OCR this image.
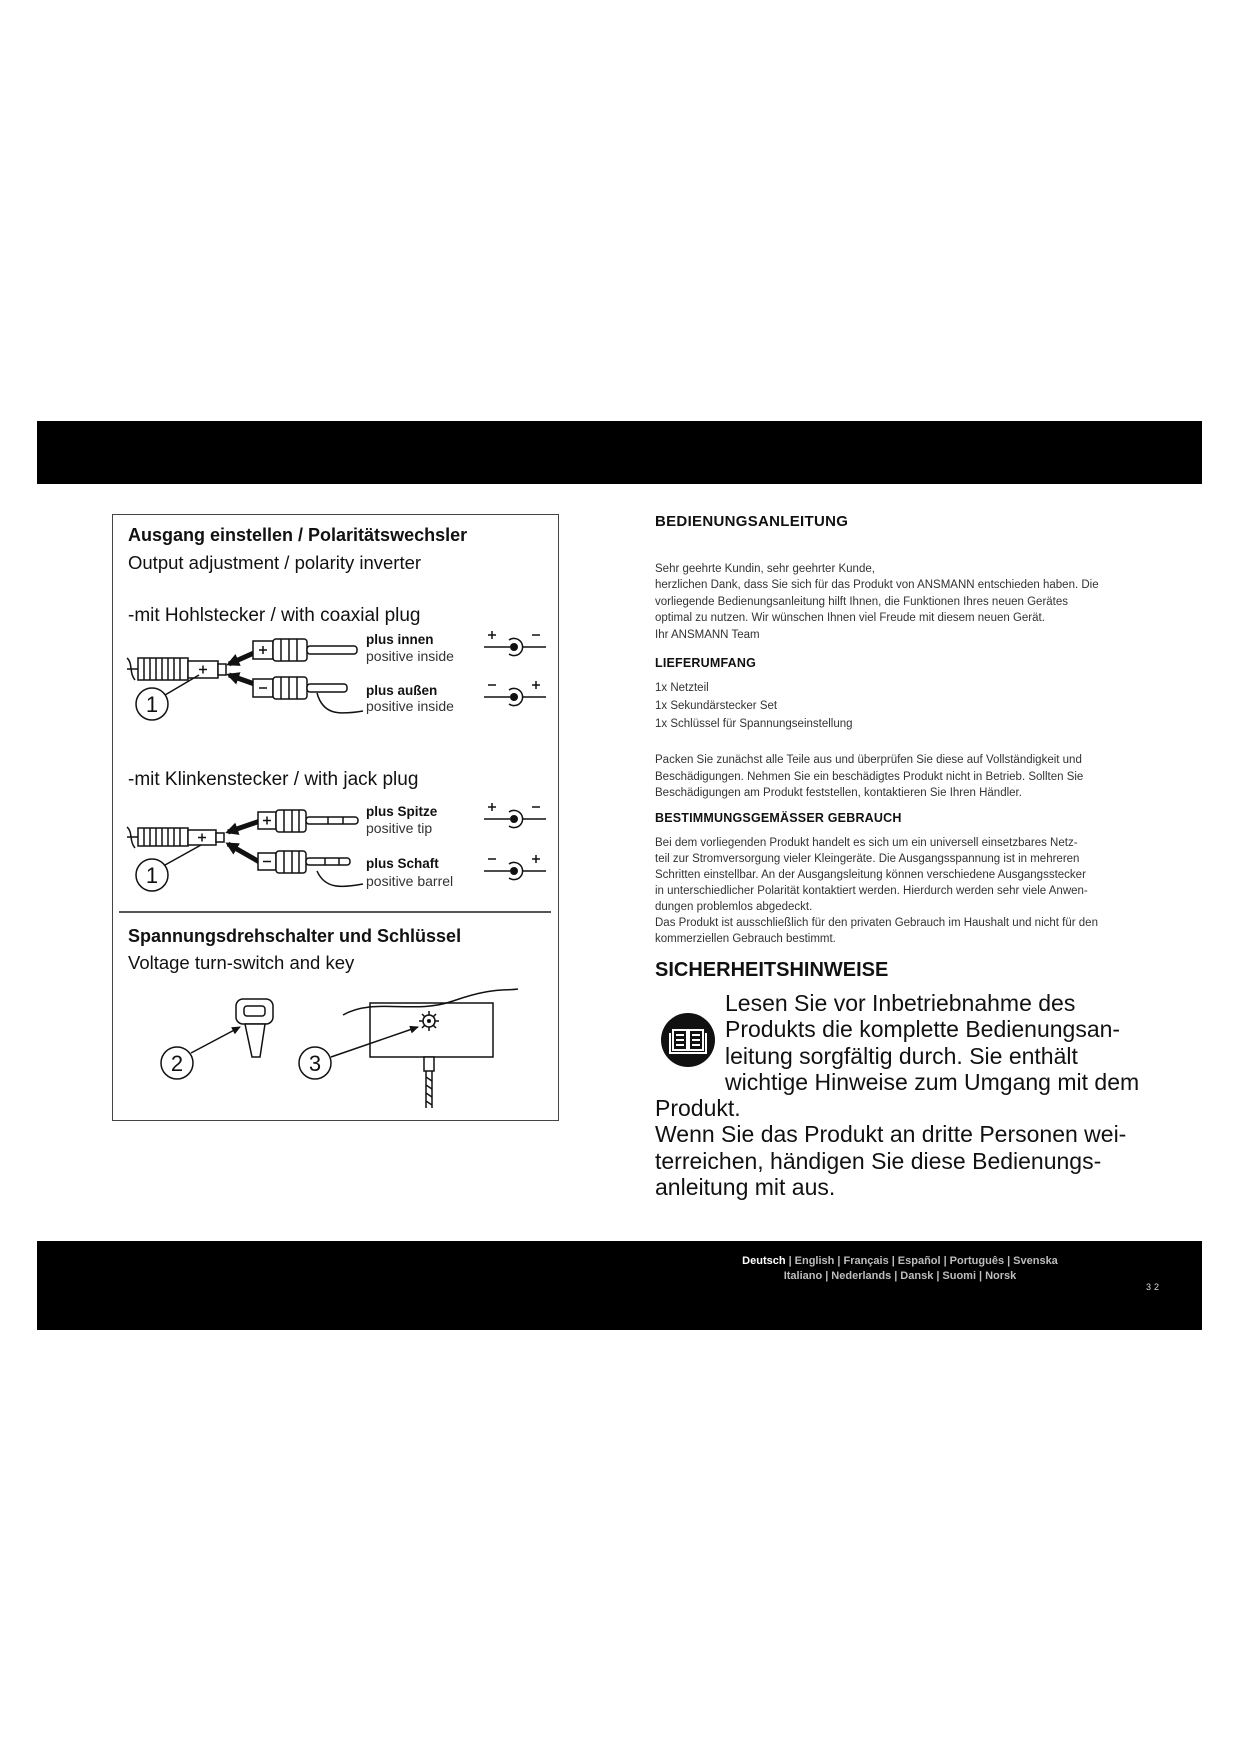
1
1
2	3
Ausgang einstellen / Polaritätswechsler
Output adjustment / polarity inverter
-mit Hohlstecker / with coaxial plug
plus innen
positive inside
plus außen
positive inside
-mit Klinkenstecker / with jack plug
plus Spitze
positive tip
plus Schaft
positive barrel
Spannungsdrehschalter und Schlüssel
Voltage turn-switch and key
BEDIENUNGSANLEITUNG
Sehr geehrte Kundin, sehr geehrter Kunde,
herzlichen Dank, dass Sie sich für das Produkt von ANSMANN entschieden haben. Die
vorliegende Bedienungsanleitung hilft Ihnen, die Funktionen Ihres neuen Gerätes
optimal zu nutzen. Wir wünschen Ihnen viel Freude mit diesem neuen Gerät.
Ihr ANSMANN Team
LIEFERUMFANG
1x Netzteil
1x Sekundärstecker Set
1x Schlüssel für Spannungseinstellung
Packen Sie zunächst alle Teile aus und überprüfen Sie diese auf Vollständigkeit und
Beschädigungen. Nehmen Sie ein beschädigtes Produkt nicht in Betrieb. Sollten Sie
Beschädigungen am Produkt feststellen, kontaktieren Sie Ihren Händler.
BESTIMMUNGSGEMÄSSER GEBRAUCH
Bei dem vorliegenden Produkt handelt es sich um ein universell einsetzbares Netz-
teil zur Stromversorgung vieler Kleingeräte. Die Ausgangsspannung ist in mehreren
Schritten einstellbar. An der Ausgangsleitung können verschiedene Ausgangsstecker
in unterschiedlicher Polarität kontaktiert werden. Hierdurch werden sehr viele Anwen-
dungen problemlos abgedeckt.
Das Produkt ist ausschließlich für den privaten Gebrauch im Haushalt und nicht für den
kommerziellen Gebrauch bestimmt.
SICHERHEITSHINWEISE
Lesen Sie vor Inbetriebnahme des
Produkts die komplette Bedienungsan-
leitung sorgfältig durch. Sie enthält
wichtige Hinweise zum Umgang mit dem
Produkt.
Wenn Sie das Produkt an dritte Personen wei-
terreichen, händigen Sie diese Bedienungs-
anleitung mit aus.
Deutsch | English | Français | Español | Português | Svenska
Italiano | Nederlands | Dansk | Suomi | Norsk
32
